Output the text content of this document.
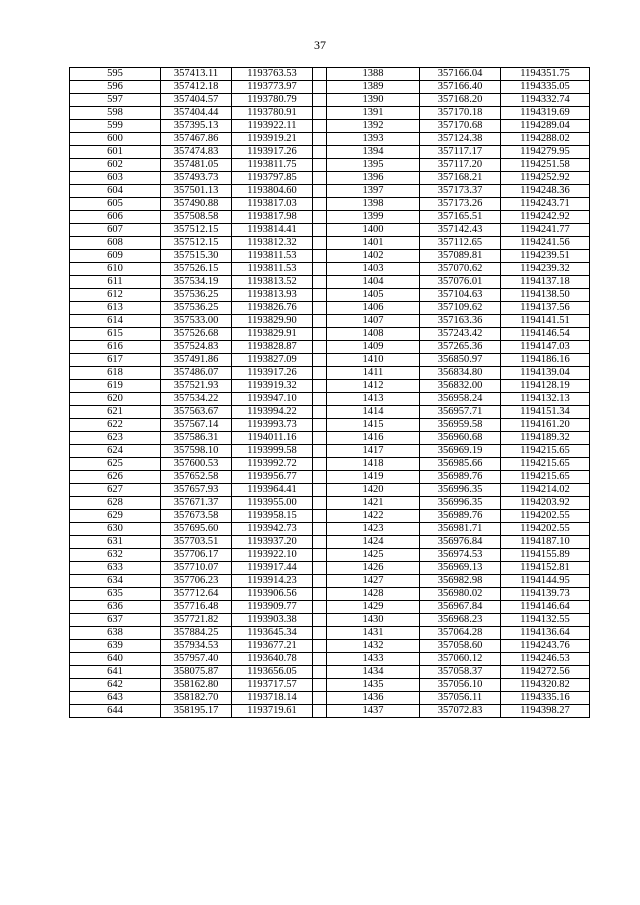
37
595	357413.11	1193763.53		1388	357166.04	1194351.75
596	357412.18	1193773.97		1389	357166.40	1194335.05
597	357404.57	1193780.79		1390	357168.20	1194332.74
598	357404.44	1193780.91		1391	357170.18	1194319.69
599	357395.13	1193922.11		1392	357170.68	1194289.04
600	357467.86	1193919.21		1393	357124.38	1194288.02
601	357474.83	1193917.26		1394	357117.17	1194279.95
602	357481.05	1193811.75		1395	357117.20	1194251.58
603	357493.73	1193797.85		1396	357168.21	1194252.92
604	357501.13	1193804.60		1397	357173.37	1194248.36
605	357490.88	1193817.03		1398	357173.26	1194243.71
606	357508.58	1193817.98		1399	357165.51	1194242.92
607	357512.15	1193814.41		1400	357142.43	1194241.77
608	357512.15	1193812.32		1401	357112.65	1194241.56
609	357515.30	1193811.53		1402	357089.81	1194239.51
610	357526.15	1193811.53		1403	357070.62	1194239.32
611	357534.19	1193813.52		1404	357076.01	1194137.18
612	357536.25	1193813.93		1405	357104.63	1194138.50
613	357536.25	1193826.76		1406	357109.62	1194137.56
614	357533.00	1193829.90		1407	357163.36	1194141.51
615	357526.68	1193829.91		1408	357243.42	1194146.54
616	357524.83	1193828.87		1409	357265.36	1194147.03
617	357491.86	1193827.09		1410	356850.97	1194186.16
618	357486.07	1193917.26		1411	356834.80	1194139.04
619	357521.93	1193919.32		1412	356832.00	1194128.19
620	357534.22	1193947.10		1413	356958.24	1194132.13
621	357563.67	1193994.22		1414	356957.71	1194151.34
622	357567.14	1193993.73		1415	356959.58	1194161.20
623	357586.31	1194011.16		1416	356960.68	1194189.32
624	357598.10	1193999.58		1417	356969.19	1194215.65
625	357600.53	1193992.72		1418	356985.66	1194215.65
626	357652.58	1193956.77		1419	356989.76	1194215.65
627	357657.93	1193964.41		1420	356996.35	1194214.02
628	357671.37	1193955.00		1421	356996.35	1194203.92
629	357673.58	1193958.15		1422	356989.76	1194202.55
630	357695.60	1193942.73		1423	356981.71	1194202.55
631	357703.51	1193937.20		1424	356976.84	1194187.10
632	357706.17	1193922.10		1425	356974.53	1194155.89
633	357710.07	1193917.44		1426	356969.13	1194152.81
634	357706.23	1193914.23		1427	356982.98	1194144.95
635	357712.64	1193906.56		1428	356980.02	1194139.73
636	357716.48	1193909.77		1429	356967.84	1194146.64
637	357721.82	1193903.38		1430	356968.23	1194132.55
638	357884.25	1193645.34		1431	357064.28	1194136.64
639	357934.53	1193677.21		1432	357058.60	1194243.76
640	357957.40	1193640.78		1433	357060.12	1194246.53
641	358075.87	1193656.05		1434	357058.37	1194272.56
642	358162.80	1193717.57		1435	357056.10	1194320.82
643	358182.70	1193718.14		1436	357056.11	1194335.16
644	358195.17	1193719.61		1437	357072.83	1194398.27
